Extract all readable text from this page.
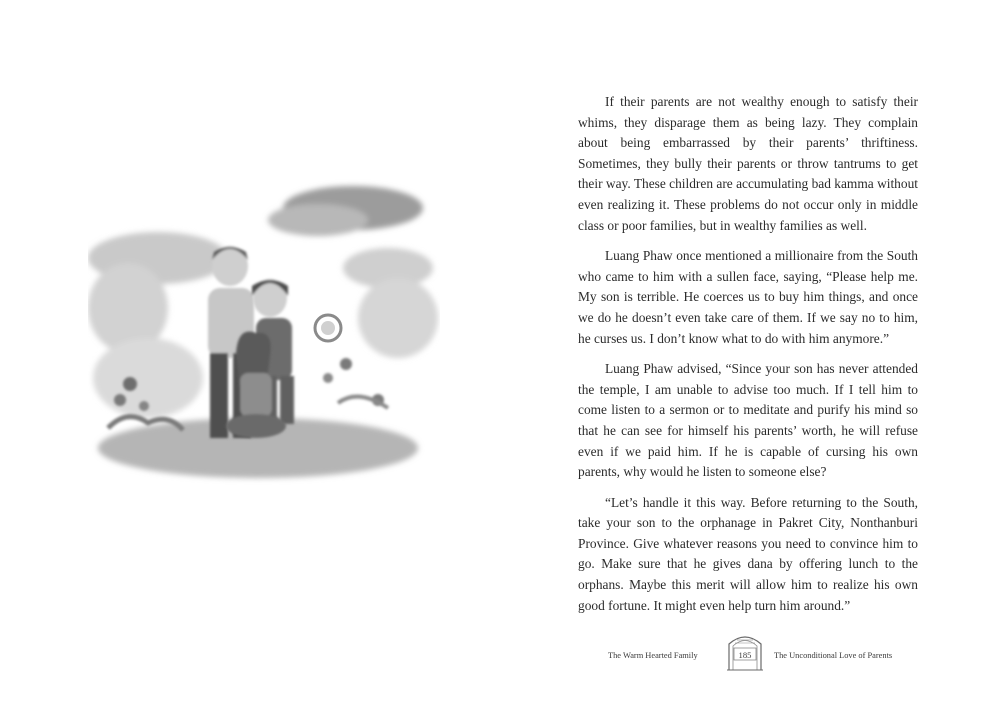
If their parents are not wealthy enough to satisfy their whims, they disparage them as being lazy. They complain about being embarrassed by their parents’ thriftiness. Sometimes, they bully their parents or throw tantrums to get their way. These children are accumulating bad kamma without even realizing it. These problems do not occur only in middle class or poor families, but in wealthy families as well.

Luang Phaw once mentioned a millionaire from the South who came to him with a sullen face, saying, “Please help me. My son is terrible. He coerces us to buy him things, and once we do he doesn’t even take care of them. If we say no to him, he curses us. I don’t know what to do with him anymore.”

Luang Phaw advised, “Since your son has never attended the temple, I am unable to advise too much. If I tell him to come listen to a sermon or to meditate and purify his mind so that he can see for himself his parents’ worth, he will refuse even if we paid him. If he is capable of cursing his own parents, why would he listen to someone else?

“Let’s handle it this way. Before returning to the South, take your son to the orphanage in Pakret City, Nonthanburi Province. Give whatever reasons you need to convince him to go. Make sure that he gives dana by offering lunch to the orphans. Maybe this merit will allow him to realize his own good fortune. It might even help turn him around.”

The Warm Hearted Family	185	The Unconditional Love of Parents
